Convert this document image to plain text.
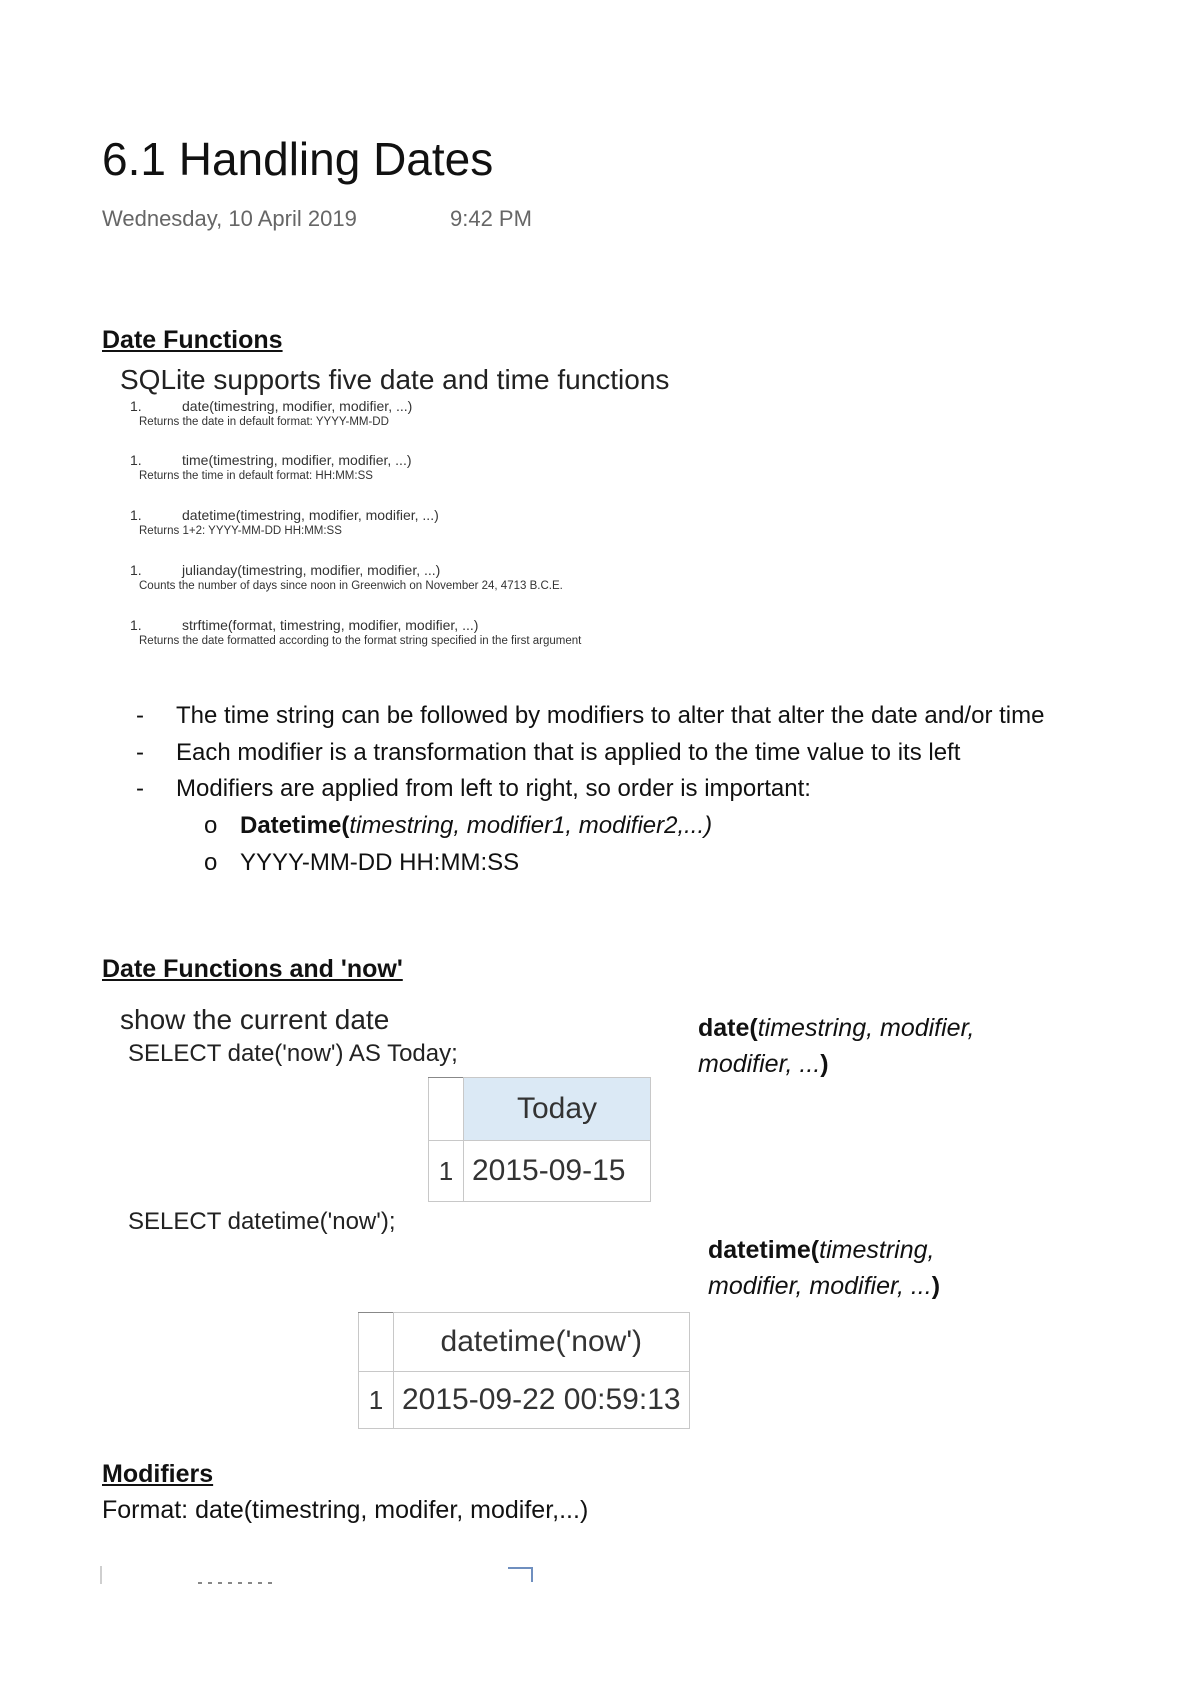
6.1 Handling Dates
Wednesday, 10 April 2019	9:42 PM
Date Functions
SQLite supports five date and time functions
1.	date(timestring, modifier, modifier, ...)
Returns the date in default format: YYYY-MM-DD
1.	time(timestring, modifier, modifier, ...)
Returns the time in default format: HH:MM:SS
1.	datetime(timestring, modifier, modifier, ...)
Returns 1+2: YYYY-MM-DD HH:MM:SS
1.	julianday(timestring, modifier, modifier, ...)
Counts the number of days since noon in Greenwich on November 24, 4713 B.C.E.
1.	strftime(format, timestring, modifier, modifier, ...)
Returns the date formatted according to the format string specified in the first argument
- The time string can be followed by modifiers to alter that alter the date and/or time
- Each modifier is a transformation that is applied to the time value to its left
- Modifiers are applied from left to right, so order is important:
o Datetime(timestring, modifier1, modifier2,...)
o YYYY-MM-DD HH:MM:SS
Date Functions and 'now'
show the current date
SELECT date('now') AS Today;
date(timestring, modifier, modifier, ...)
	Today
1	2015-09-15
SELECT datetime('now');
datetime(timestring, modifier, modifier, ...)
	datetime('now')
1	2015-09-22 00:59:13
Modifiers
Format: date(timestring, modifer, modifer,...)
